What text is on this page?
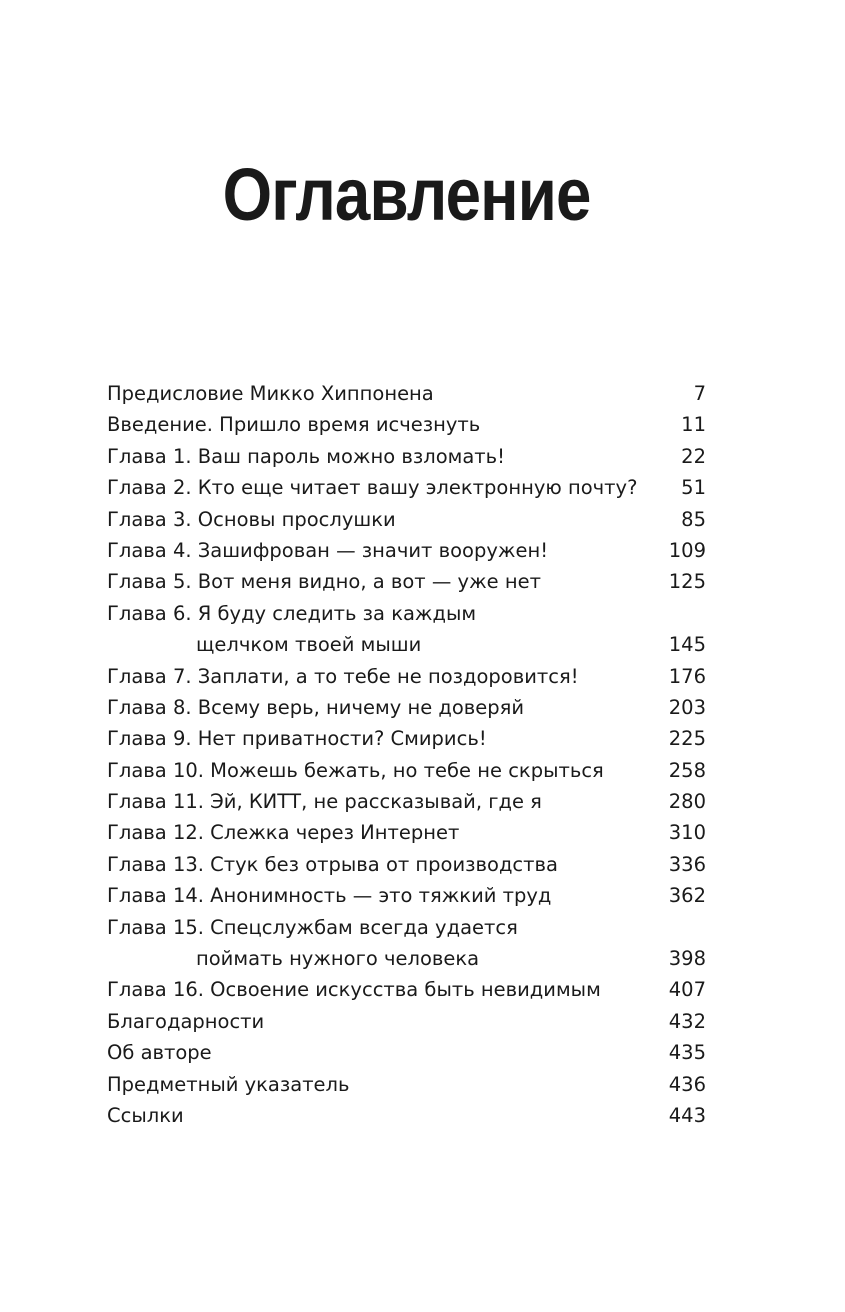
Оглавление
Предисловие Микко Хиппонена	7
Введение. Пришло время исчезнуть	11
Глава 1. Ваш пароль можно взломать!	22
Глава 2. Кто еще читает вашу электронную почту? 51
Глава 3. Основы прослушки	85
Глава 4. Зашифрован — значит вооружен!	109
Глава 5. Вот меня видно, а вот — уже нет	125
Глава 6. Я буду следить за каждым
щелчком твоей мыши	145
Глава 7. Заплати, а то тебе не поздоровится!	176
Глава 8. Всему верь, ничему не доверяй	203
Глава 9. Нет приватности? Смирись!	225
Глава 10. Можешь бежать, но тебе не скрыться	258
Глава 11. Эй, КИТТ, не рассказывай, где я	280
Глава 12. Слежка через Интернет	310
Глава 13. Стук без отрыва от производства	336
Глава 14. Анонимность — это тяжкий труд	362
Глава 15. Спецслужбам всегда удается
поймать нужного человека	398
Глава 16. Освоение искусства быть невидимым	407
Благодарности	432
Об авторе	435
Предметный указатель	436
Ссылки	443
